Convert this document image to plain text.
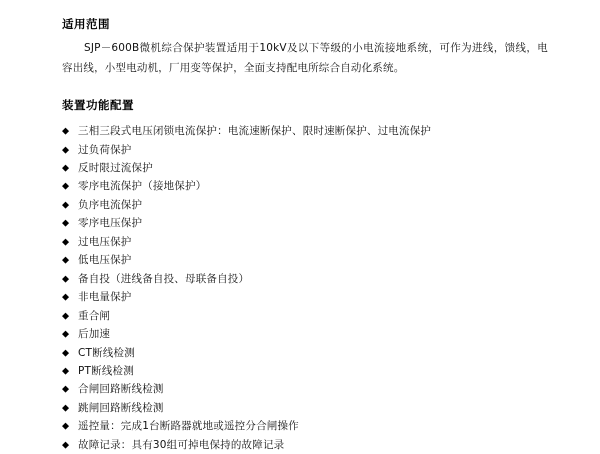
适用范围

SJP－600B微机综合保护装置适用于10kV及以下等级的小电流接地系统，可作为进线，馈线，电容出线，小型电动机，厂用变等保护，全面支持配电所综合自动化系统。

装置功能配置
◆ 三相三段式电压闭锁电流保护：电流速断保护、限时速断保护、过电流保护
◆ 过负荷保护
◆ 反时限过流保护
◆ 零序电流保护（接地保护）
◆ 负序电流保护
◆ 零序电压保护
◆ 过电压保护
◆ 低电压保护
◆ 备自投（进线备自投、母联备自投）
◆ 非电量保护
◆ 重合闸
◆ 后加速
◆ CT断线检测
◆ PT断线检测
◆ 合闸回路断线检测
◆ 跳闸回路断线检测
◆ 遥控量：完成1台断路器就地或遥控分合闸操作
◆ 故障记录：具有30组可掉电保持的故障记录
